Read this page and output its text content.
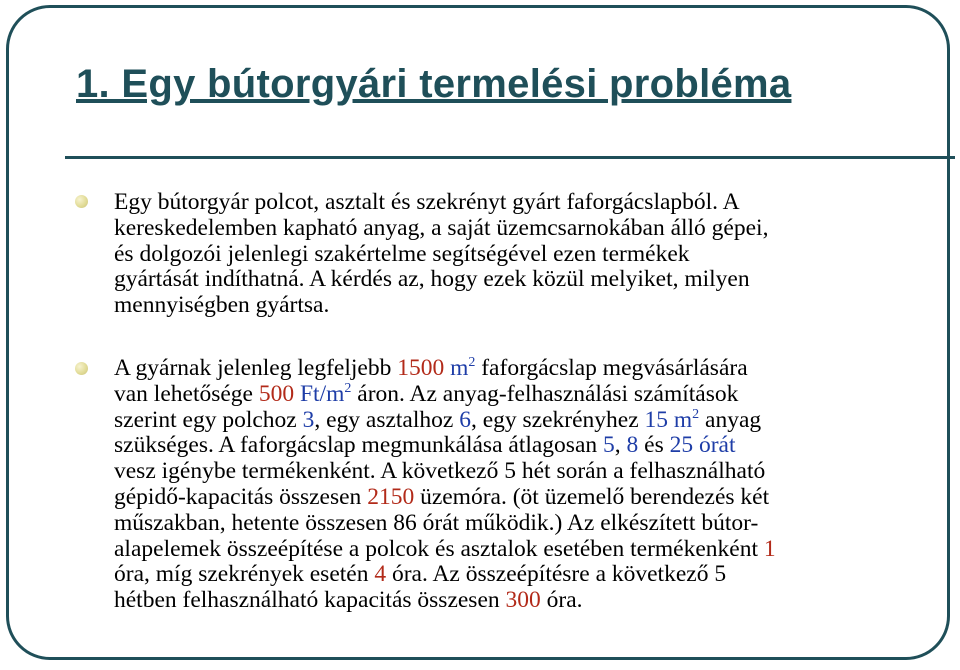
1. Egy bútorgyári termelési probléma
Egy bútorgyár polcot, asztalt és szekrényt gyárt faforgácslapból. A
kereskedelemben kapható anyag, a saját üzemcsarnokában álló gépei,
és dolgozói jelenlegi szakértelme segítségével ezen termékek
gyártását indíthatná. A kérdés az, hogy ezek közül melyiket, milyen
mennyiségben gyártsa.
A gyárnak jelenleg legfeljebb 1500 $m^2$ faforgácslap megvásárlására
van lehetősége 500 $Ft/m^2$ áron. Az anyag-felhasználási számítások
szerint egy polchoz 3, egy asztalhoz 6, egy szekrényhez 15 $m^2$ anyag
szükséges. A faforgácslap megmunkálása átlagosan 5, 8 és 25 órát
vesz igénybe termékenként. A következő 5 hét során a felhasználható
gépidő-kapacitás összesen 2150 üzemóra. (öt üzemelő berendezés két
műszakban, hetente összesen 86 órát működik.) Az elkészített bútor-
alapelemek összeépítése a polcok és asztalok esetében termékenként 1
óra, míg szekrények esetén 4 óra. Az összeépítésre a következő 5
hétben felhasználható kapacitás összesen 300 óra.
